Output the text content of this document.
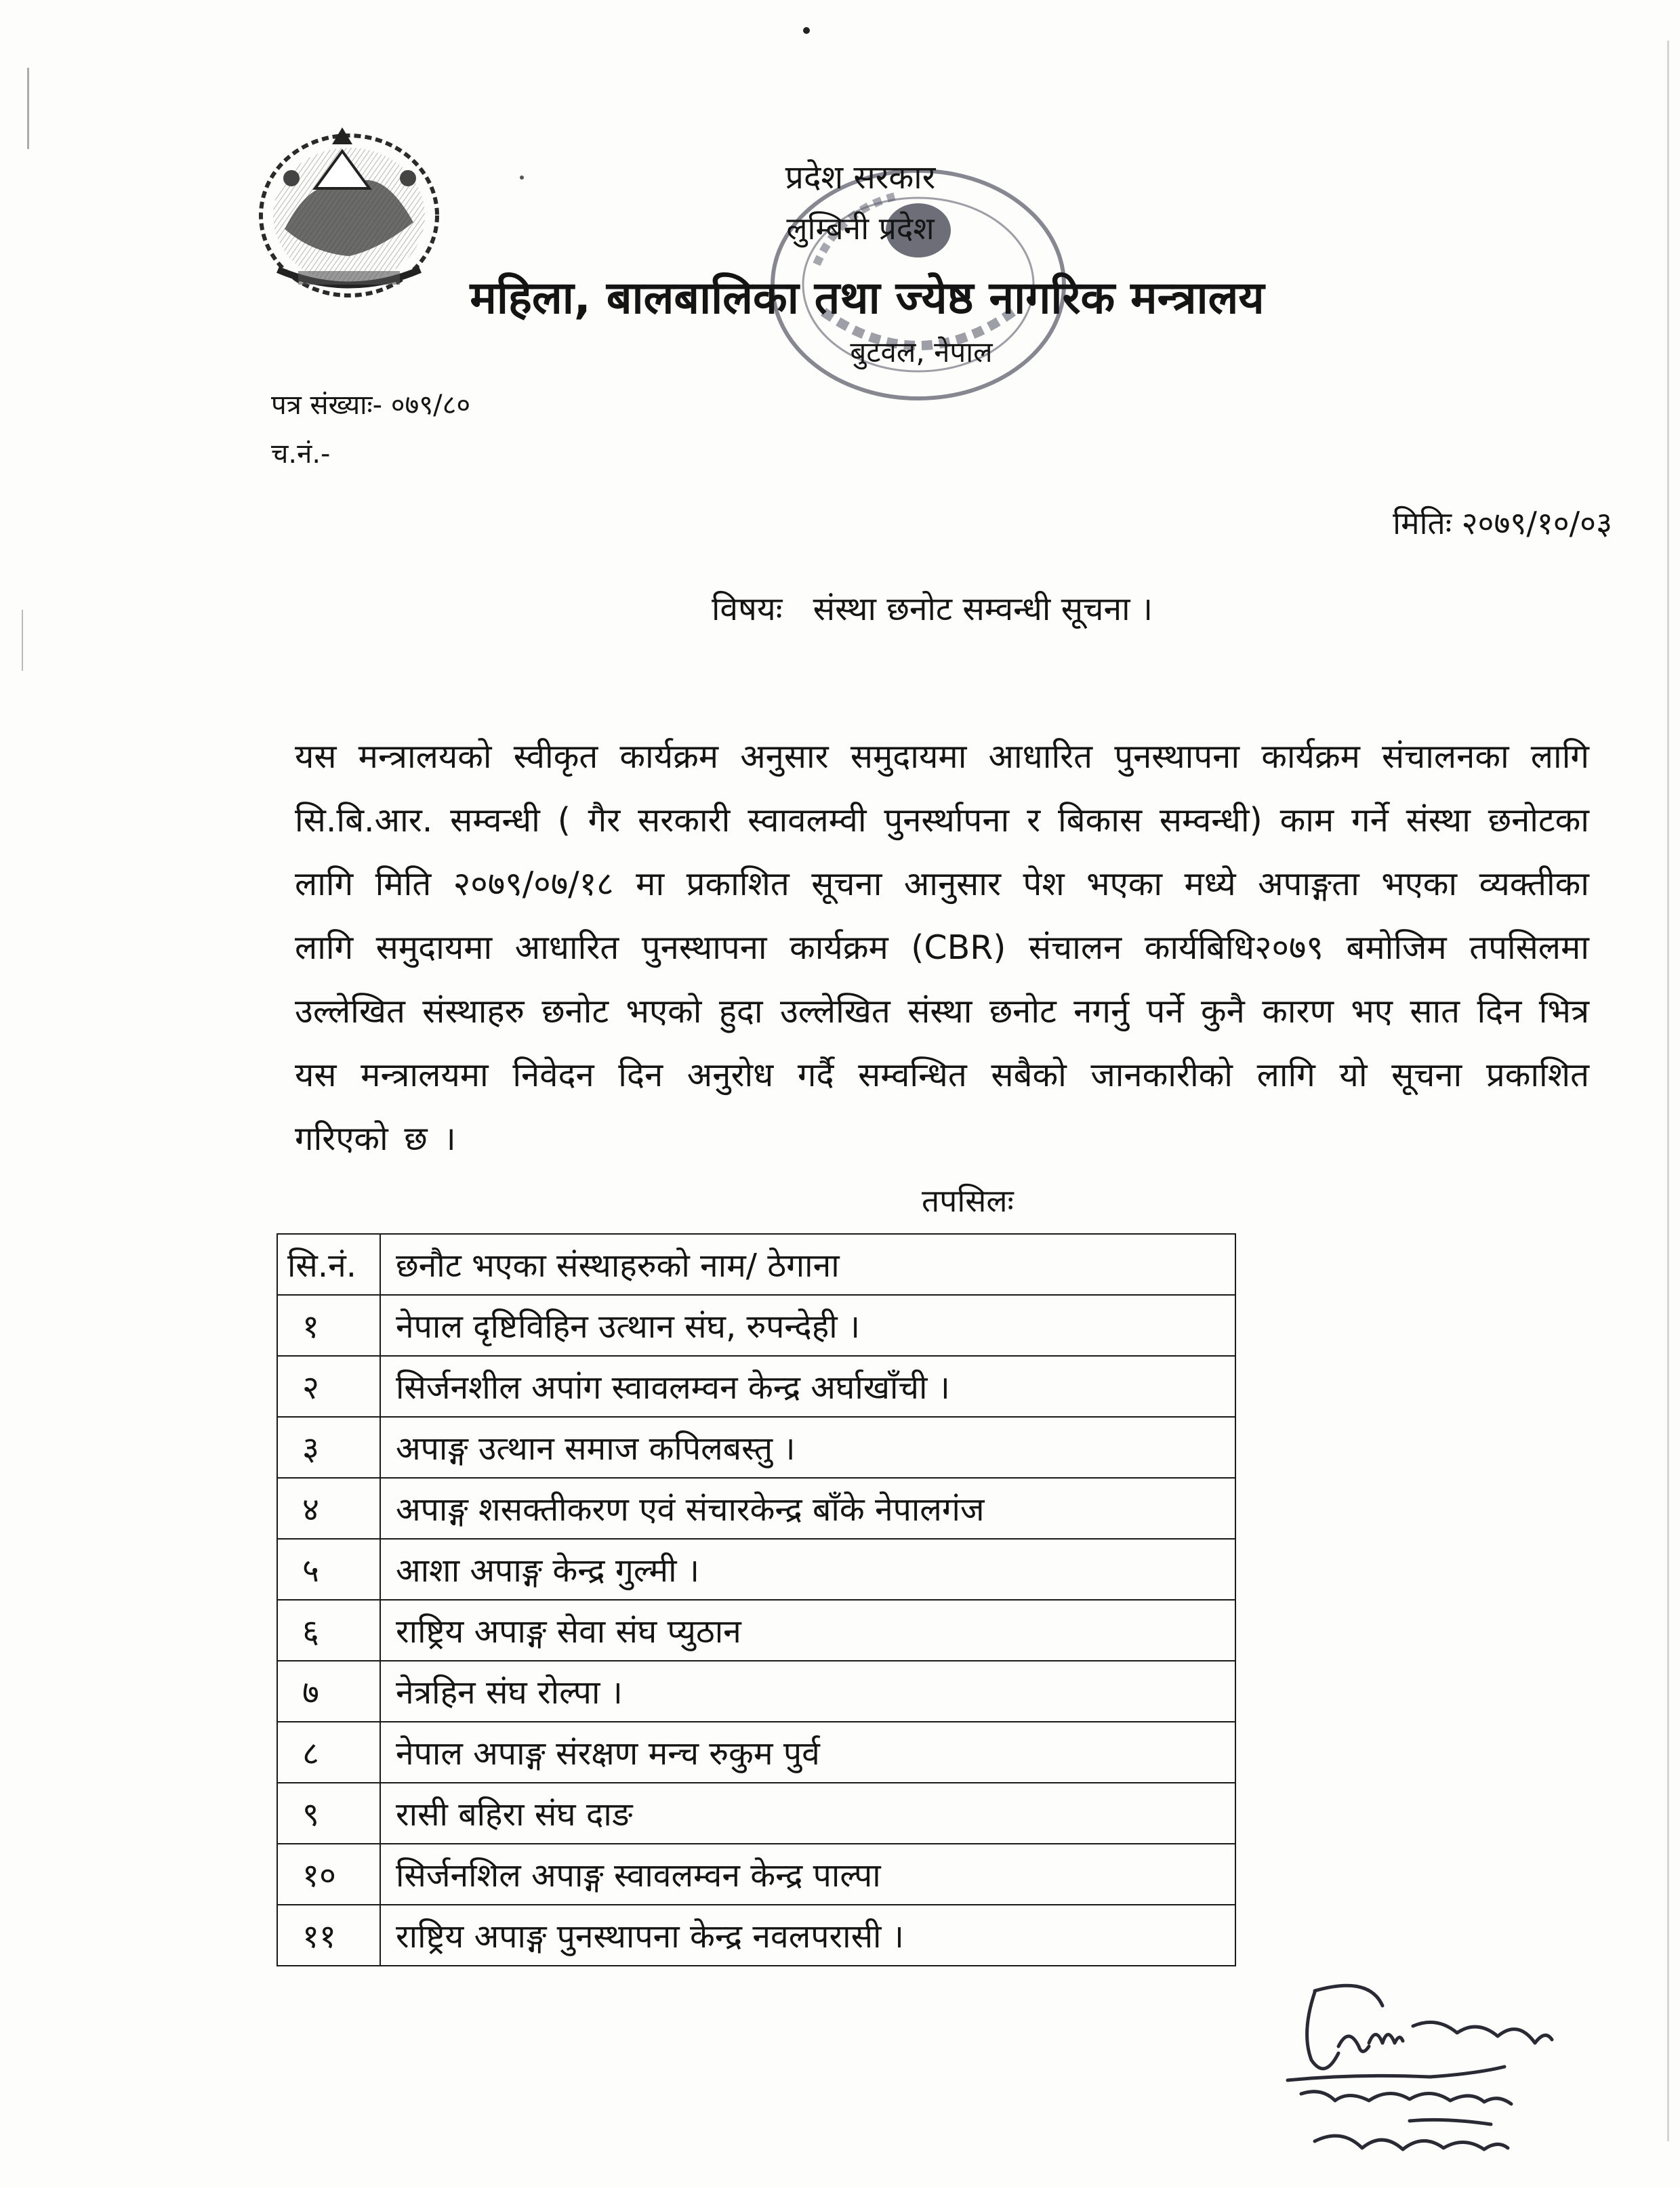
प्रदेश सरकार
लुम्बिनी प्रदेश
महिला, बालबालिका तथा ज्येष्ठ नागरिक मन्त्रालय
बुटवल, नेपाल
पत्र संख्याः- ०७९/८०
च.नं.-
मितिः २०७९/१०/०३
विषयः संस्था छनोट सम्वन्धी सूचना ।
यस मन्त्रालयको स्वीकृत कार्यक्रम अनुसार समुदायमा आधारित पुनस्थापना कार्यक्रम संचालनका लागि सि.बि.आर. सम्वन्धी ( गैर सरकारी स्वावलम्वी पुनर्स्थापना र बिकास सम्वन्धी) काम गर्ने संस्था छनोटका लागि मिति २०७९/०७/१८ मा प्रकाशित सूचना आनुसार पेश भएका मध्ये अपाङ्गता भएका व्यक्तीका लागि समुदायमा आधारित पुनस्थापना कार्यक्रम (CBR) संचालन कार्यबिधि२०७९ बमोजिम तपसिलमा उल्लेखित संस्थाहरु छनोट भएको हुदा उल्लेखित संस्था छनोट नगर्नु पर्ने कुनै कारण भए सात दिन भित्र यस मन्त्रालयमा निवेदन दिन अनुरोध गर्दै सम्वन्धित सबैको जानकारीको लागि यो सूचना प्रकाशित गरिएको छ ।
तपसिलः
सि.नं.	छनौट भएका संस्थाहरुको नाम/ ठेगाना
१	नेपाल दृष्टिविहिन उत्थान संघ, रुपन्देही ।
२	सिर्जनशील अपांग स्वावलम्वन केन्द्र अर्घाखाँची ।
३	अपाङ्ग उत्थान समाज कपिलबस्तु ।
४	अपाङ्ग शसक्तीकरण एवं संचारकेन्द्र बाँके नेपालगंज
५	आशा अपाङ्ग केन्द्र गुल्मी ।
६	राष्ट्रिय अपाङ्ग सेवा संघ प्युठान
७	नेत्रहिन संघ रोल्पा ।
८	नेपाल अपाङ्ग संरक्षण मन्च रुकुम पुर्व
९	रासी बहिरा संघ दाङ
१०	सिर्जनशिल अपाङ्ग स्वावलम्वन केन्द्र पाल्पा
११	राष्ट्रिय अपाङ्ग पुनस्थापना केन्द्र नवलपरासी ।
